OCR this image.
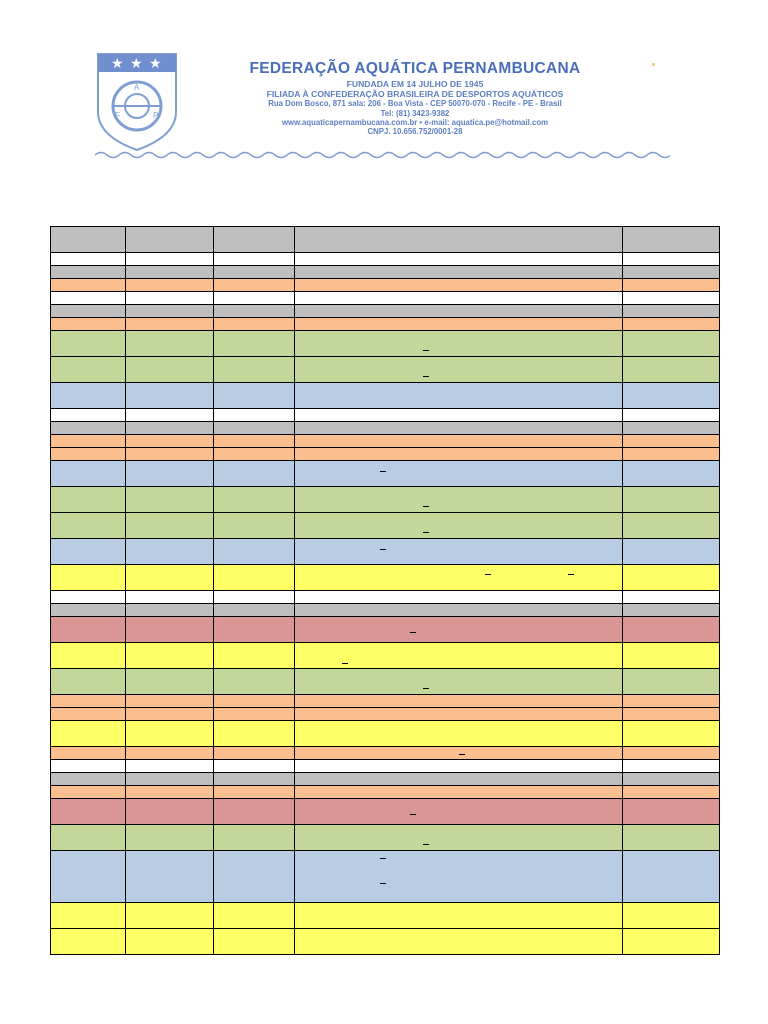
★ ★ ★
A
F	P
FEDERAÇÃO AQUÁTICA PERNAMBUCANA
FUNDADA EM 14 JULHO DE 1945
FILIADA À CONFEDERAÇÃO BRASILEIRA DE DESPORTOS AQUÁTICOS
Rua Dom Bosco, 871 sala: 206 - Boa Vista - CEP 50070-070 - Recife - PE - Brasil
Tel: (81) 3423-9382
www.aquaticapernambucana.com.br • e-mail: aquatica.pe@hotmail.com
CNPJ. 10.656.752/0001-28
